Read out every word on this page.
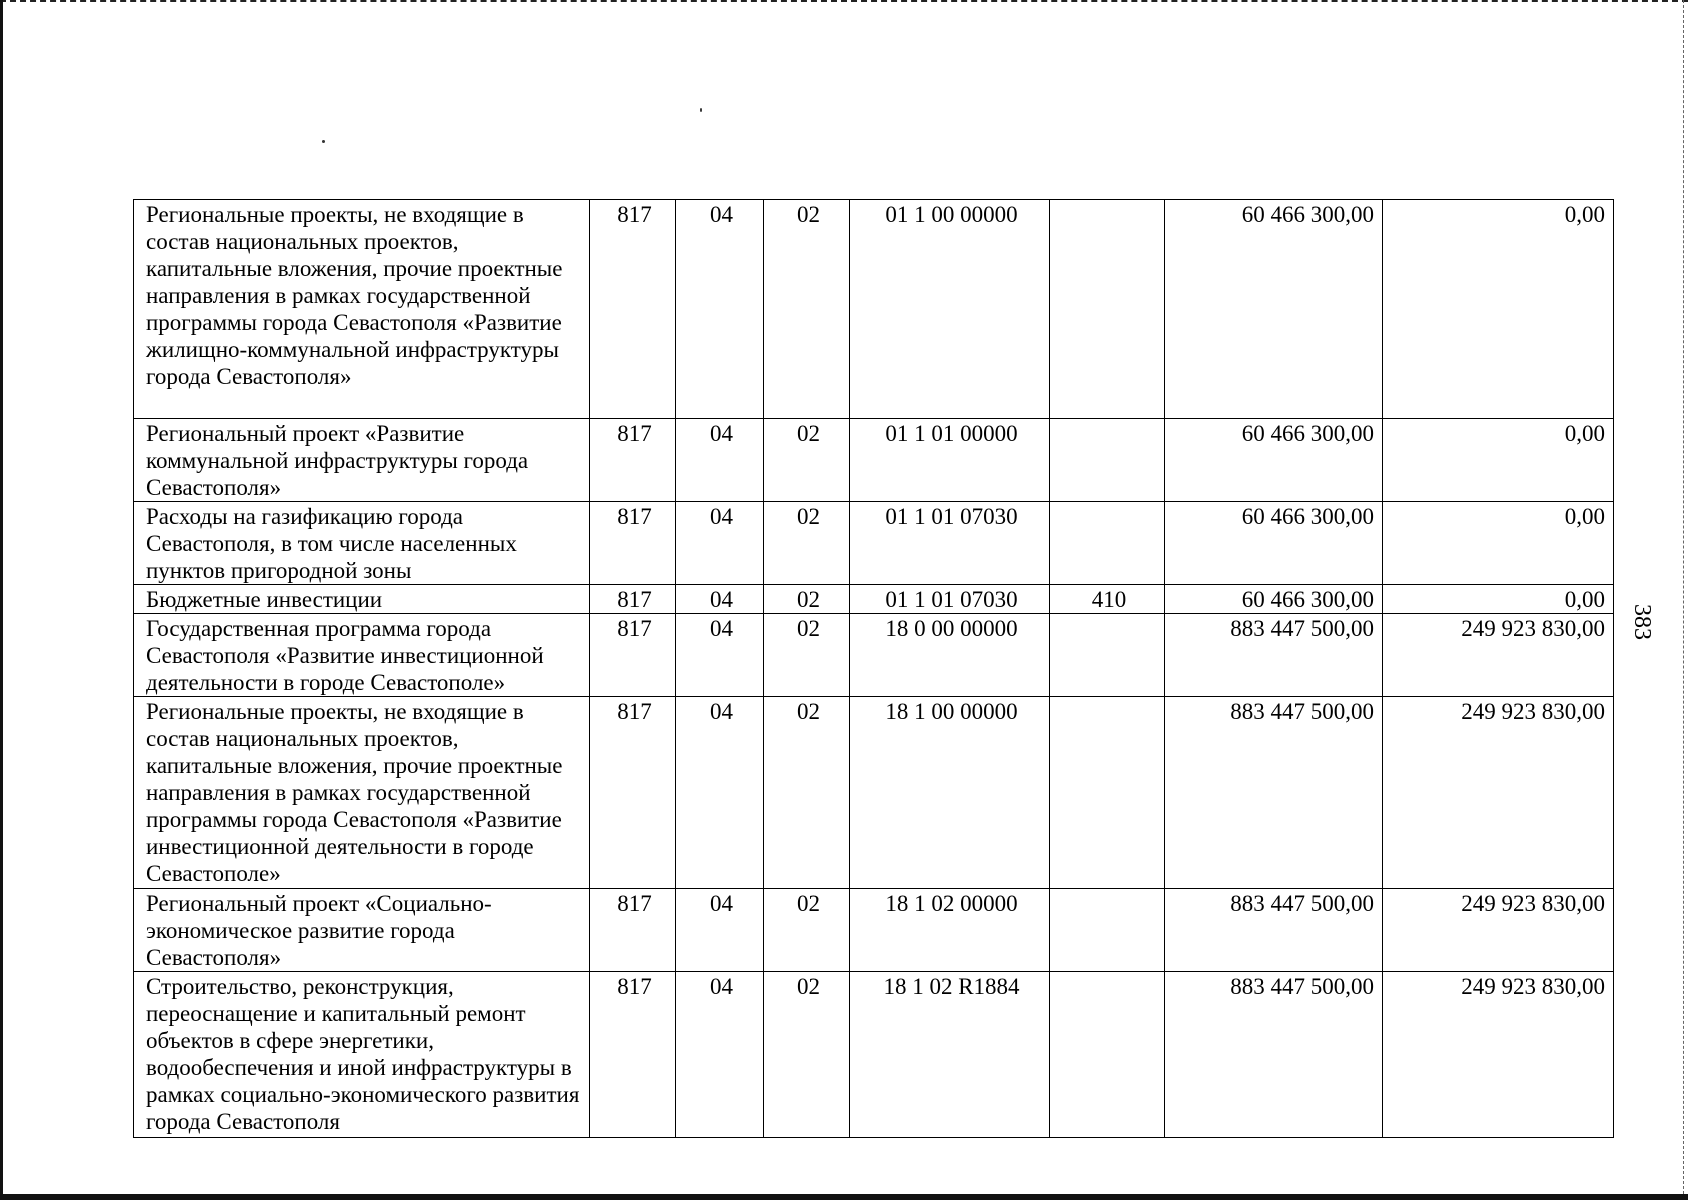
Региональные проекты, не входящие в состав национальных проектов, капитальные вложения, прочие проектные направления в рамках государственной программы города Севастополя «Развитие жилищно-коммунальной инфраструктуры города Севастополя»	817	04	02	01 1 00 00000		60 466 300,00	0,00
Региональный проект «Развитие коммунальной инфраструктуры города Севастополя»	817	04	02	01 1 01 00000		60 466 300,00	0,00
Расходы на газификацию города Севастополя, в том числе населенных пунктов пригородной зоны	817	04	02	01 1 01 07030		60 466 300,00	0,00
Бюджетные инвестиции	817	04	02	01 1 01 07030	410	60 466 300,00	0,00
Государственная программа города Севастополя «Развитие инвестиционной деятельности в городе Севастополе»	817	04	02	18 0 00 00000		883 447 500,00	249 923 830,00
Региональные проекты, не входящие в состав национальных проектов, капитальные вложения, прочие проектные направления в рамках государственной программы города Севастополя «Развитие инвестиционной деятельности в городе Севастополе»	817	04	02	18 1 00 00000		883 447 500,00	249 923 830,00
Региональный проект «Социально-экономическое развитие города Севастополя»	817	04	02	18 1 02 00000		883 447 500,00	249 923 830,00
Строительство, реконструкция, переоснащение и капитальный ремонт объектов в сфере энергетики, водообеспечения и иной инфраструктуры в рамках социально-экономического развития города Севастополя	817	04	02	18 1 02 R1884		883 447 500,00	249 923 830,00
383
